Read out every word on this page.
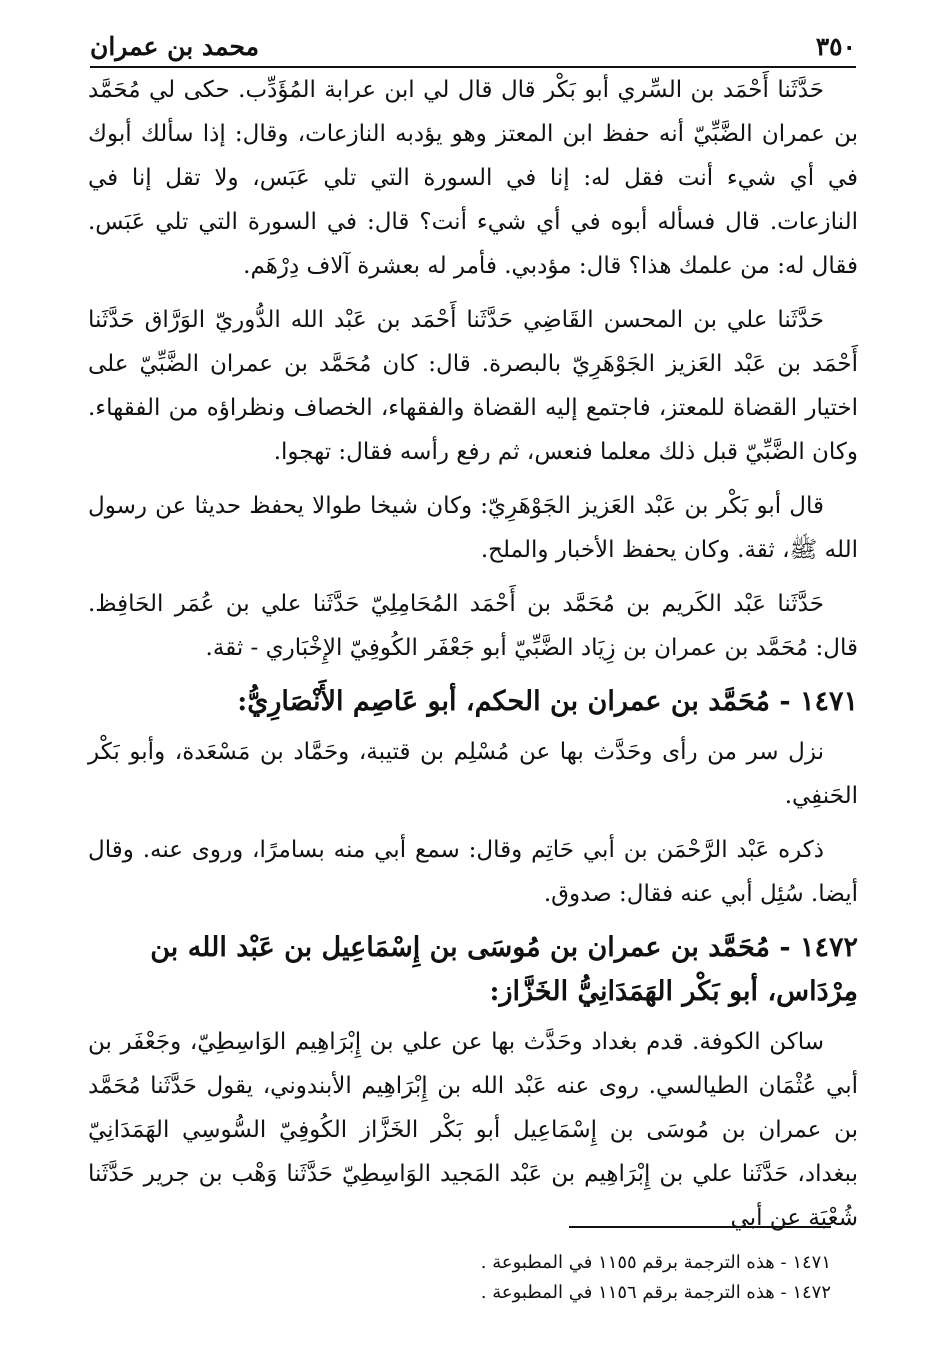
٣٥٠
محمد بن عمران

حَدَّثَنا أَحْمَد بن السِّري أبو بَكْر قال قال لي ابن عرابة المُؤَدِّب. حكى لي مُحَمَّد بن عمران الضَّبِّيّ أنه حفظ ابن المعتز وهو يؤدبه النازعات، وقال: إذا سألك أبوك في أي شيء أنت فقل له: إنا في السورة التي تلي عَبَس، ولا تقل إنا في النازعات. قال فسأله أبوه في أي شيء أنت؟ قال: في السورة التي تلي عَبَس. فقال له: من علمك هذا؟ قال: مؤدبي. فأمر له بعشرة آلاف دِرْهَم.

حَدَّثَنا علي بن المحسن القَاضِي حَدَّثَنا أَحْمَد بن عَبْد الله الدُّوريّ الوَرَّاق حَدَّثَنا أَحْمَد بن عَبْد العَزيز الجَوْهَرِيّ بالبصرة. قال: كان مُحَمَّد بن عمران الضَّبِّيّ على اختيار القضاة للمعتز، فاجتمع إليه القضاة والفقهاء، الخصاف ونظراؤه من الفقهاء. وكان الضَّبِّيّ قبل ذلك معلما فنعس، ثم رفع رأسه فقال: تهجوا.

قال أبو بَكْر بن عَبْد العَزيز الجَوْهَرِيّ: وكان شيخا طوالا يحفظ حديثا عن رسول الله ﷺ، ثقة. وكان يحفظ الأخبار والملح.

حَدَّثَنا عَبْد الكَريم بن مُحَمَّد بن أَحْمَد المُحَامِلِيّ حَدَّثَنا علي بن عُمَر الحَافِظ. قال: مُحَمَّد بن عمران بن زِيَاد الضَّبِّيّ أبو جَعْفَر الكُوفِيّ الإِخْبَاري - ثقة.

١٤٧١ - مُحَمَّد بن عمران بن الحكم، أبو عَاصِم الأَنْصَارِيُّ:

نزل سر من رأى وحَدَّث بها عن مُسْلِم بن قتيبة، وحَمَّاد بن مَسْعَدة، وأبو بَكْر الحَنفِي.

ذكره عَبْد الرَّحْمَن بن أبي حَاتِم وقال: سمع أبي منه بسامرًا، وروى عنه. وقال أيضا. سُئِل أبي عنه فقال: صدوق.

١٤٧٢ - مُحَمَّد بن عمران بن مُوسَى بن إِسْمَاعِيل بن عَبْد الله بن مِرْدَاس، أبو بَكْر الهَمَدَانِيُّ الخَزَّاز:

ساكن الكوفة. قدم بغداد وحَدَّث بها عن علي بن إِبْرَاهِيم الوَاسِطِيّ، وجَعْفَر بن أبي عُثْمَان الطيالسي. روى عنه عَبْد الله بن إِبْرَاهِيم الأبندوني، يقول حَدَّثَنا مُحَمَّد بن عمران بن مُوسَى بن إِسْمَاعِيل أبو بَكْر الخَزَّاز الكُوفِيّ السُّوسِي الهَمَدَانِيّ ببغداد، حَدَّثَنا علي بن إِبْرَاهِيم بن عَبْد المَجيد الوَاسِطِيّ حَدَّثَنا وَهْب بن جرير حَدَّثَنا شُعْبَة عن أبي

١٤٧١ - هذه الترجمة برقم ١١٥٥ في المطبوعة .
١٤٧٢ - هذه الترجمة برقم ١١٥٦ في المطبوعة .
